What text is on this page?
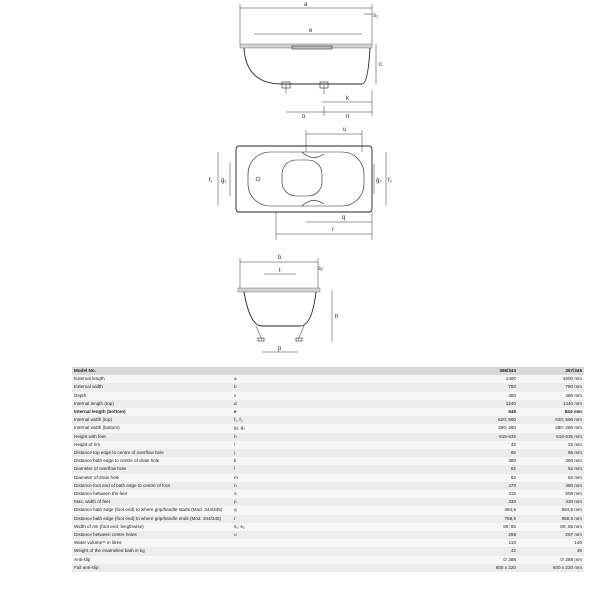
a
s₁
e
c
k
o	n
u
f₁ g₁	g₂ f₂
q
r
b
t	s₂
h
p
Model No.		366/344	367/345
External length	a	1400	1600 mm
External width	b	750	750 mm
Depth	c	480	480 mm
Internal length (top)	d	1240	1440 mm
Internal length (bottom)	e	645	844 mm
Internal width (top)	f₁, f₂	620; 590	620; 590 mm
Internal width (bottom)	g₁; g₂	280; 280	280; 280 mm
Height with feet	h	615-635	615-635 mm
Height of rim	i	32	32 mm
Distance top edge to centre of overflow hole	j	65	65 mm
Distance bath edge to centre of drain hole	k	360	360 mm
Diameter of overflow hole	l	52	52 mm
Diameter of drain hole	m	52	52 mm
Distance foot end of bath edge to centre of foot	n	470	480 mm
Distance between the feet	o	415	605 mm
Max. width of feet	p	430	430 mm
Distance bath edge (foot end) to where grip/handle starts (Mod. 344/345)	q	484,5	584,5 mm
Distance bath edge (foot end) to where grip/handle ends (Mod. 344/345)	r	758,5	858,5 mm
Width of rim (foot end; lengthwise)	s₁; s₂	80; 85	80; 85 mm
Distance between centre holes	u	268	267 mm
Water volume** in litres		110	140
Weight of the enamelled bath in kg		42	49
Anti-slip		∅ 288	∅ 288 mm
Full anti-slip		600 x 220	600 x 220 mm
